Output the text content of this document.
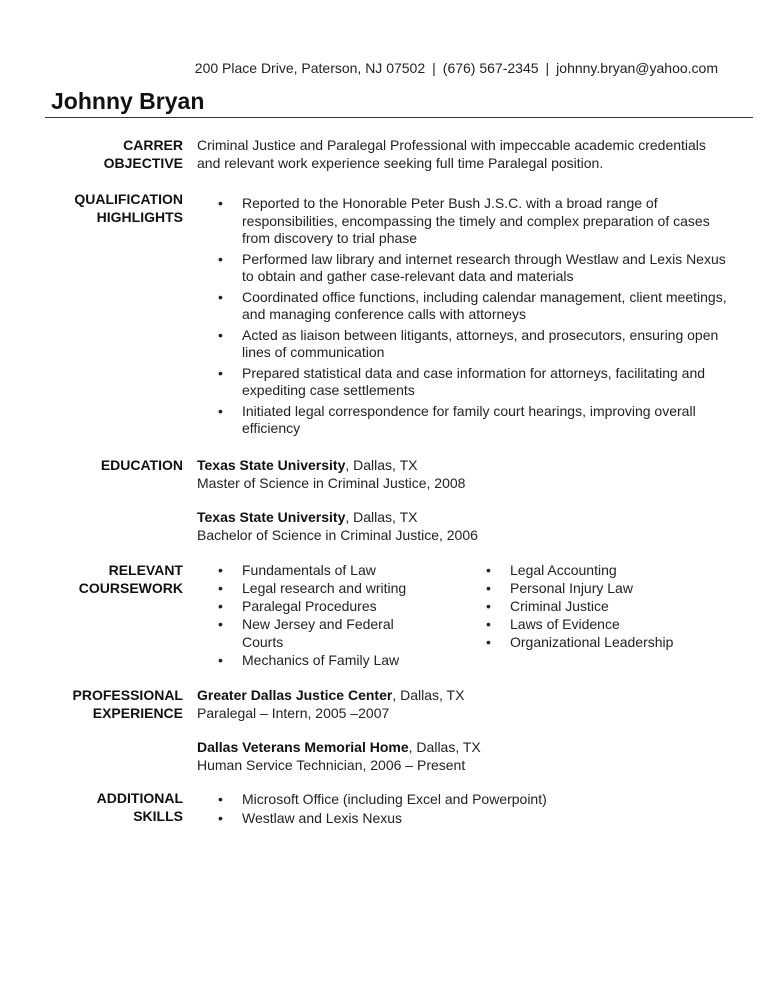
200 Place Drive, Paterson, NJ 07502 | (676) 567-2345 | johnny.bryan@yahoo.com
Johnny Bryan
CARRER
OBJECTIVE
Criminal Justice and Paralegal Professional with impeccable academic credentials and relevant work experience seeking full time Paralegal position.
QUALIFICATION
HIGHLIGHTS
• Reported to the Honorable Peter Bush J.S.C. with a broad range of responsibilities, encompassing the timely and complex preparation of cases from discovery to trial phase
• Performed law library and internet research through Westlaw and Lexis Nexus to obtain and gather case-relevant data and materials
• Coordinated office functions, including calendar management, client meetings, and managing conference calls with attorneys
• Acted as liaison between litigants, attorneys, and prosecutors, ensuring open lines of communication
• Prepared statistical data and case information for attorneys, facilitating and expediting case settlements
• Initiated legal correspondence for family court hearings, improving overall efficiency
EDUCATION Texas State University, Dallas, TX
Master of Science in Criminal Justice, 2008
Texas State University, Dallas, TX
Bachelor of Science in Criminal Justice, 2006
RELEVANT
COURSEWORK
• Fundamentals of Law
• Legal research and writing
• Paralegal Procedures
• New Jersey and Federal Courts
• Mechanics of Family Law
• Legal Accounting
• Personal Injury Law
• Criminal Justice
• Laws of Evidence
• Organizational Leadership
PROFESSIONAL
EXPERIENCE
Greater Dallas Justice Center, Dallas, TX
Paralegal – Intern, 2005 –2007
Dallas Veterans Memorial Home, Dallas, TX
Human Service Technician, 2006 – Present
ADDITIONAL
SKILLS
• Microsoft Office (including Excel and Powerpoint)
• Westlaw and Lexis Nexus
